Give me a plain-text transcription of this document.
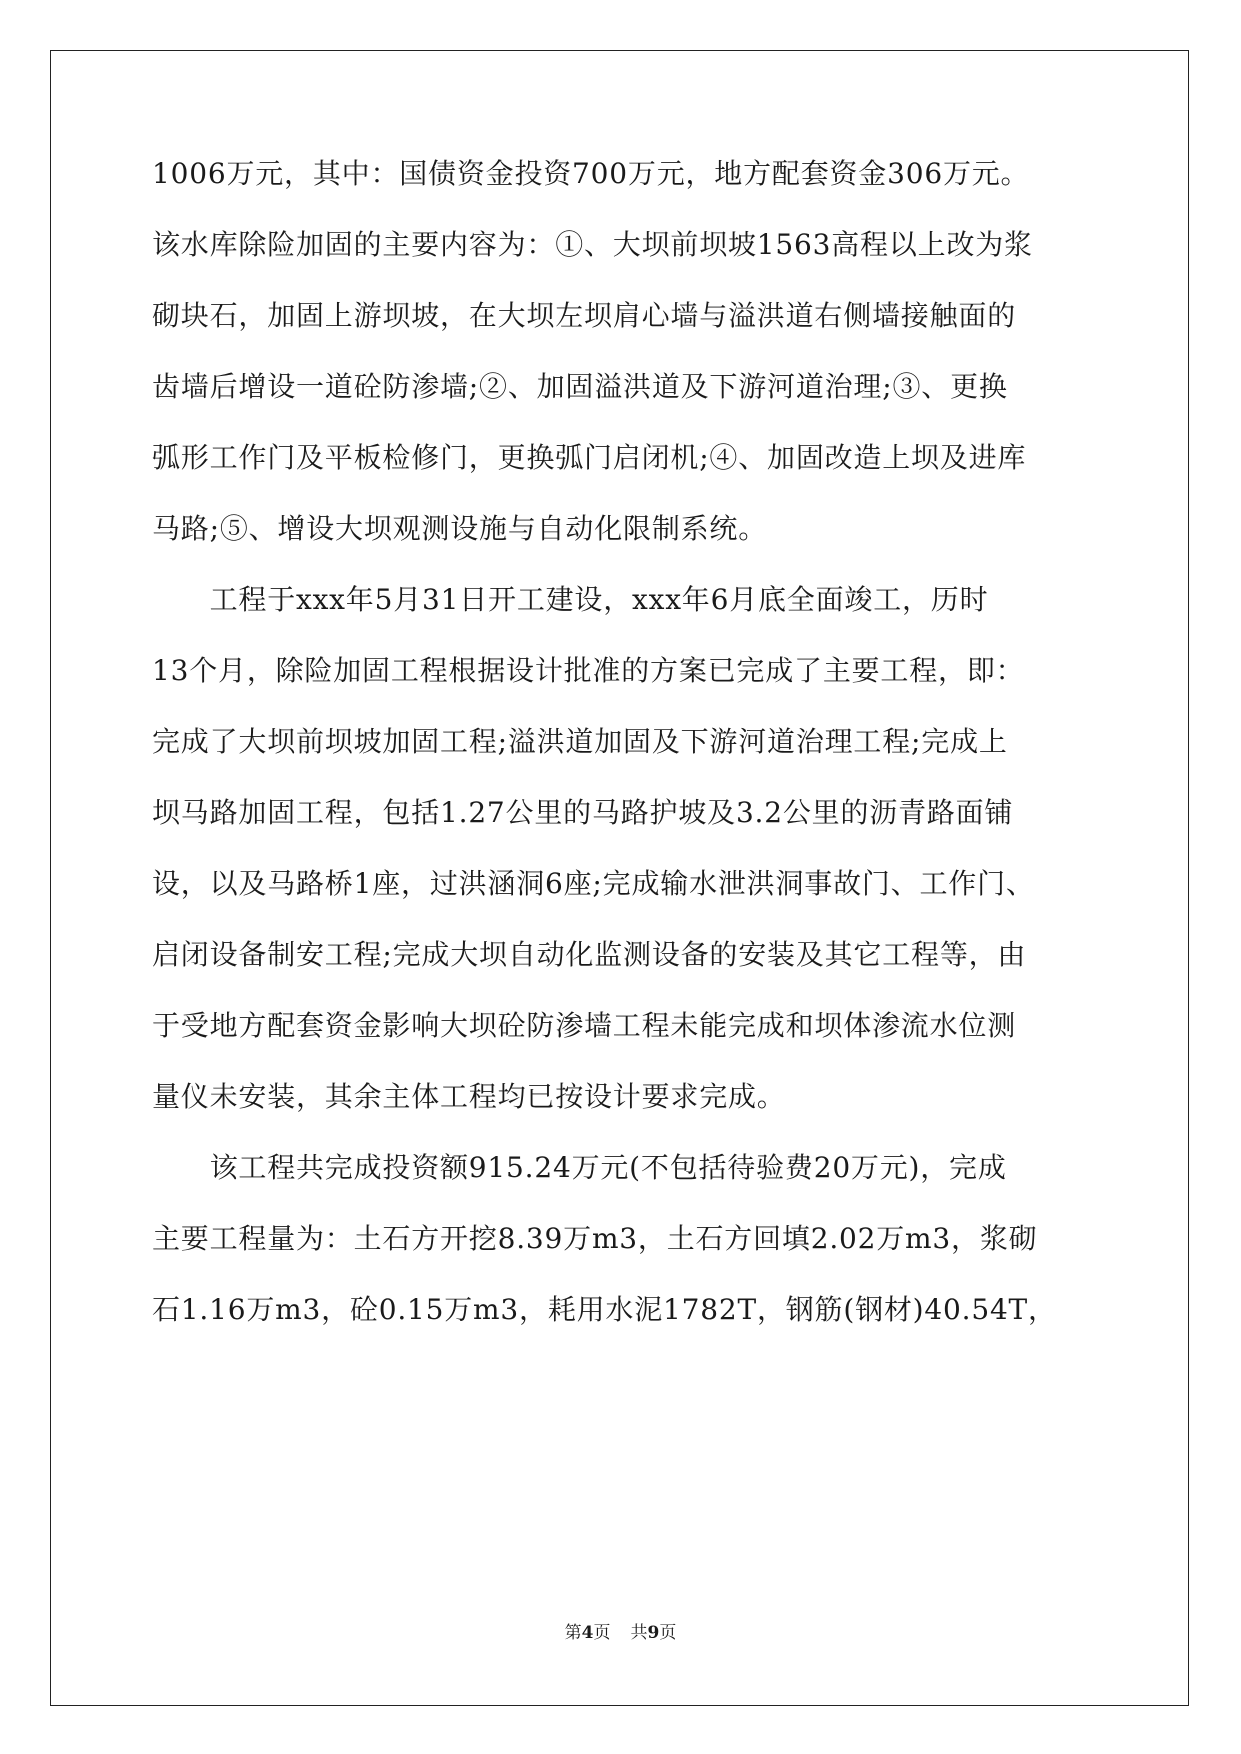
1006万元，其中：国债资金投资700万元，地方配套资金306万元。
该水库除险加固的主要内容为：①、大坝前坝坡1563高程以上改为浆
砌块石，加固上游坝坡，在大坝左坝肩心墙与溢洪道右侧墙接触面的
齿墙后增设一道砼防渗墙;②、加固溢洪道及下游河道治理;③、更换
弧形工作门及平板检修门，更换弧门启闭机;④、加固改造上坝及进库
马路;⑤、增设大坝观测设施与自动化限制系统。
　　工程于xxx年5月31日开工建设，xxx年6月底全面竣工，历时
13个月，除险加固工程根据设计批准的方案已完成了主要工程，即：
完成了大坝前坝坡加固工程;溢洪道加固及下游河道治理工程;完成上
坝马路加固工程，包括1.27公里的马路护坡及3.2公里的沥青路面铺
设，以及马路桥1座，过洪涵洞6座;完成输水泄洪洞事故门、工作门、
启闭设备制安工程;完成大坝自动化监测设备的安装及其它工程等，由
于受地方配套资金影响大坝砼防渗墙工程未能完成和坝体渗流水位测
量仪未安装，其余主体工程均已按设计要求完成。
　　该工程共完成投资额915.24万元(不包括待验费20万元)，完成
主要工程量为：土石方开挖8.39万m3，土石方回填2.02万m3，浆砌
石1.16万m3，砼0.15万m3，耗用水泥1782T，钢筋(钢材)40.54T，
第4页 共9页
